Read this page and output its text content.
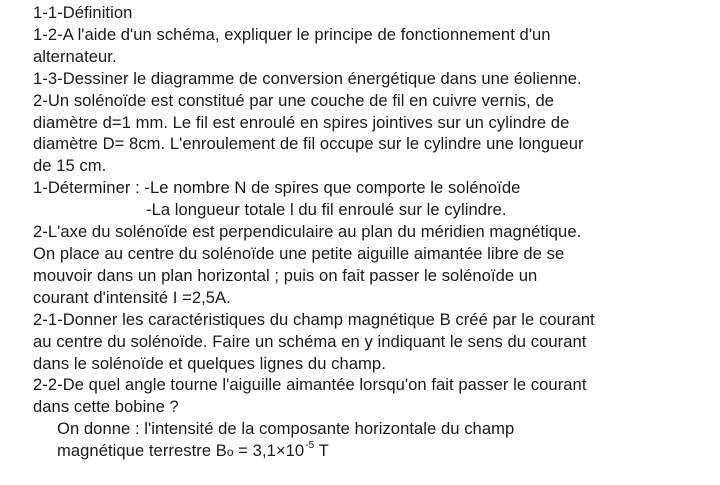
1-1-Définition

1-2-A l'aide d'un schéma, expliquer le principe de fonctionnement d'un

alternateur.

1-3-Dessiner le diagramme de conversion énergétique dans une éolienne.

2-Un solénoïde est constitué par une couche de fil en cuivre vernis, de

diamètre d=1 mm. Le fil est enroulé en spires jointives sur un cylindre de

diamètre D= 8cm. L'enroulement de fil occupe sur le cylindre une longueur

de 15 cm.

1-Déterminer : -Le nombre N de spires que comporte le solénoïde

-La longueur totale l du fil enroulé sur le cylindre.

2-L'axe du solénoïde est perpendiculaire au plan du méridien magnétique.

On place au centre du solénoïde une petite aiguille aimantée libre de se

mouvoir dans un plan horizontal ; puis on fait passer le solénoïde un

courant d'intensité I =2,5A.

2-1-Donner les caractéristiques du champ magnétique B créé par le courant

au centre du solénoïde. Faire un schéma en y indiquant le sens du courant

dans le solénoïde et quelques lignes du champ.

2-2-De quel angle tourne l'aiguille aimantée lorsqu'on fait passer le courant

dans cette bobine ?

On donne : l'intensité de la composante horizontale du champ

magnétique terrestre $Bo = 3,1\times 10^{-5}$ T
